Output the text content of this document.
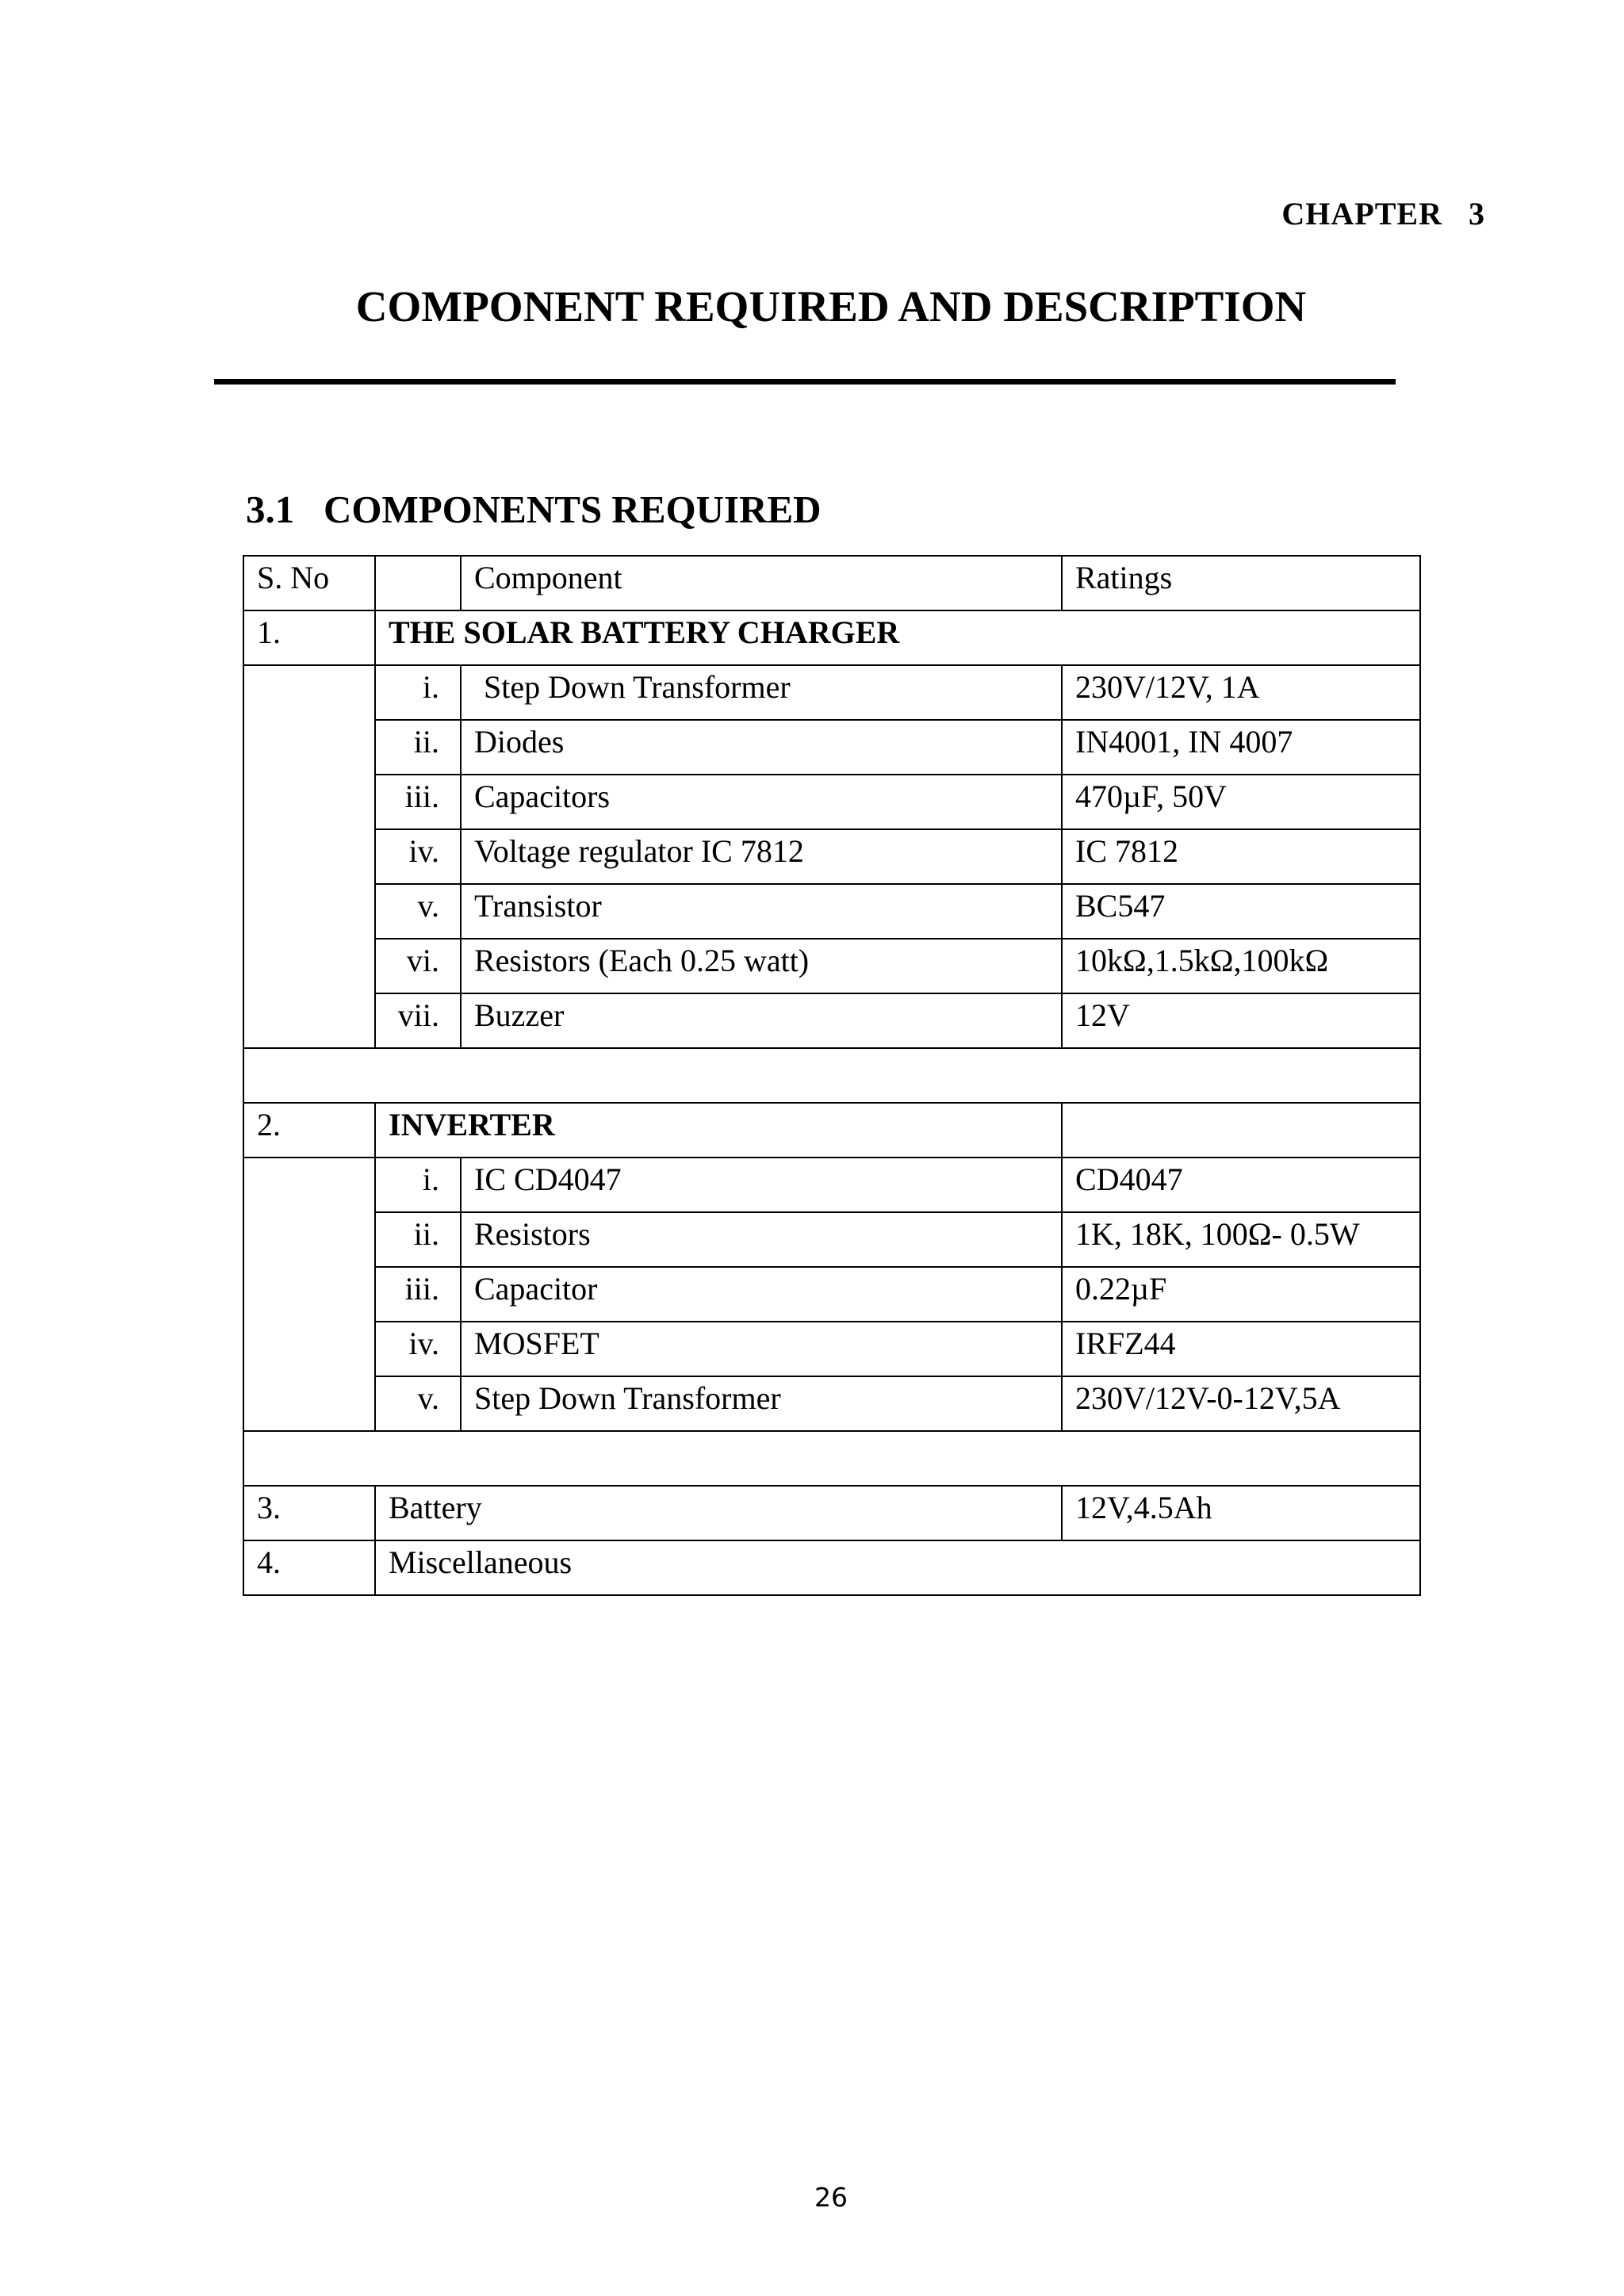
CHAPTER   3
COMPONENT REQUIRED AND DESCRIPTION
3.1 COMPONENTS REQUIRED
S. No		Component	Ratings
1.	THE SOLAR BATTERY CHARGER		
	i.	Step Down Transformer	230V/12V, 1A
	ii.	Diodes	IN4001, IN 4007
	iii.	Capacitors	470µF, 50V
	iv.	Voltage regulator IC 7812	IC 7812
	v.	Transistor	BC547
	vi.	Resistors (Each 0.25 watt)	10kΩ,1.5kΩ,100kΩ
	vii.	Buzzer	12V

2.	INVERTER		
	i.	IC CD4047	CD4047
	ii.	Resistors	1K, 18K, 100Ω- 0.5W
	iii.	Capacitor	0.22µF
	iv.	MOSFET	IRFZ44
	v.	Step Down Transformer	230V/12V-0-12V,5A

3.	Battery		12V,4.5Ah
4.	Miscellaneous		
26
